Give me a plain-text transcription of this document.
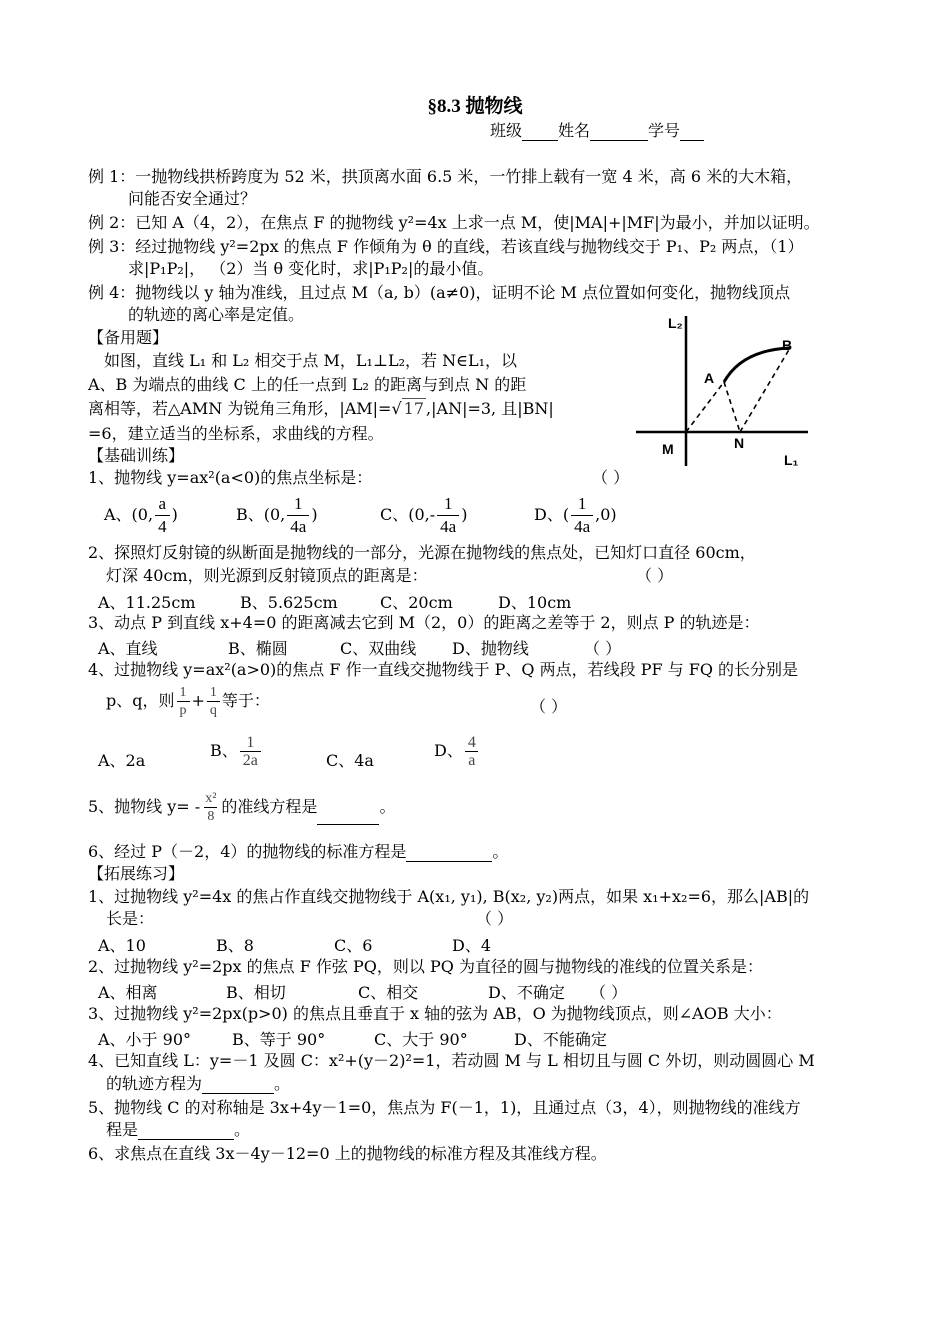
§8.3 抛物线
班级 姓名	学号
例 1：一抛物线拱桥跨度为 52 米，拱顶离水面 6.5 米，一竹排上载有一宽 4 米，高 6 米的大木箱，
问能否安全通过？
例 2：已知 A（4，2），在焦点 F 的抛物线 y²=4x 上求一点 M，使|MA|+|MF|为最小，并加以证明。
例 3：经过抛物线 y²=2px 的焦点 F 作倾角为 θ 的直线，若该直线与抛物线交于 P₁、P₂ 两点，（1）
求|P₁P₂|， （2）当 θ 变化时，求|P₁P₂|的最小值。
例 4：抛物线以 y 轴为准线，且过点 M（a, b）(a≠0)，证明不论 M 点位置如何变化，抛物线顶点
的轨迹的离心率是定值。
【备用题】
如图，直线 L₁ 和 L₂ 相交于点 M，L₁⊥L₂，若 N∈L₁，以
A、B 为端点的曲线 C 上的任一点到 L₂ 的距离与到点 N 的距
离相等，若△AMN 为锐角三角形，|AM|=√ 17 ,|AN|=3, 且|BN|
=6，建立适当的坐标系，求曲线的方程。
L₂
A
B
M	N
L₁
【基础训练】
1、抛物线 y=ax²(a<0)的焦点坐标是：	（ ）
A、(0, $\frac{a}{4}$ )	B、(0, $\frac{1}{4a}$ )	C、($0,- \frac{1}{4a}$ )	D、( $\frac{1}{4a} ,0$)
2、探照灯反射镜的纵断面是抛物线的一部分，光源在抛物线的焦点处，已知灯口直径 60cm，
灯深 40cm，则光源到反射镜顶点的距离是：	（ ）
A、11.25cm	B、5.625cm	C、20cm	D、10cm
3、动点 P 到直线 x+4=0 的距离减去它到 M（2，0）的距离之差等于 2，则点 P 的轨迹是：
A、直线	B、椭圆	C、双曲线 D、抛物线	（ ）
4、过抛物线 y=ax²(a>0)的焦点 F 作一直线交抛物线于 P、Q 两点，若线段 PF 与 FQ 的长分别是
p、q，则 $\frac{1}{p} + \frac{1}{q}$ 等于：	（ ）
A、2a
B、 $\frac{1}{2a}$	C、4a
D、 $\frac{4}{a}$
5、抛物线 $y= - \frac{\text{x²}}{8}$ 的准线方程是	。
6、经过 P（－2，4）的抛物线的标准方程是	。
【拓展练习】
1、过抛物线 y²=4x 的焦占作直线交抛物线于 A(x₁, y₁), B(x₂, y₂)两点，如果 x₁+x₂=6，那么|AB|的
长是：	（ ）
A、10	B、8	C、6	D、4
2、过抛物线 y²=2px 的焦点 F 作弦 PQ，则以 PQ 为直径的圆与抛物线的准线的位置关系是：
A、相离	B、相切	C、相交	D、不确定 （ ）
3、过抛物线 y²=2px(p>0) 的焦点且垂直于 x 轴的弦为 AB，O 为抛物线顶点，则∠AOB 大小：
A、小于 90°	B、等于 90°	C、大于 90°	D、不能确定
4、已知直线 L：y=－1 及圆 C：x²+(y－2)²=1，若动圆 M 与 L 相切且与圆 C 外切，则动圆圆心 M
的轨迹方程为	。
5、抛物线 C 的对称轴是 3x+4y－1=0，焦点为 F(－1，1)，且通过点（3，4），则抛物线的准线方
程是	。
6、求焦点在直线 3x－4y－12=0 上的抛物线的标准方程及其准线方程。
